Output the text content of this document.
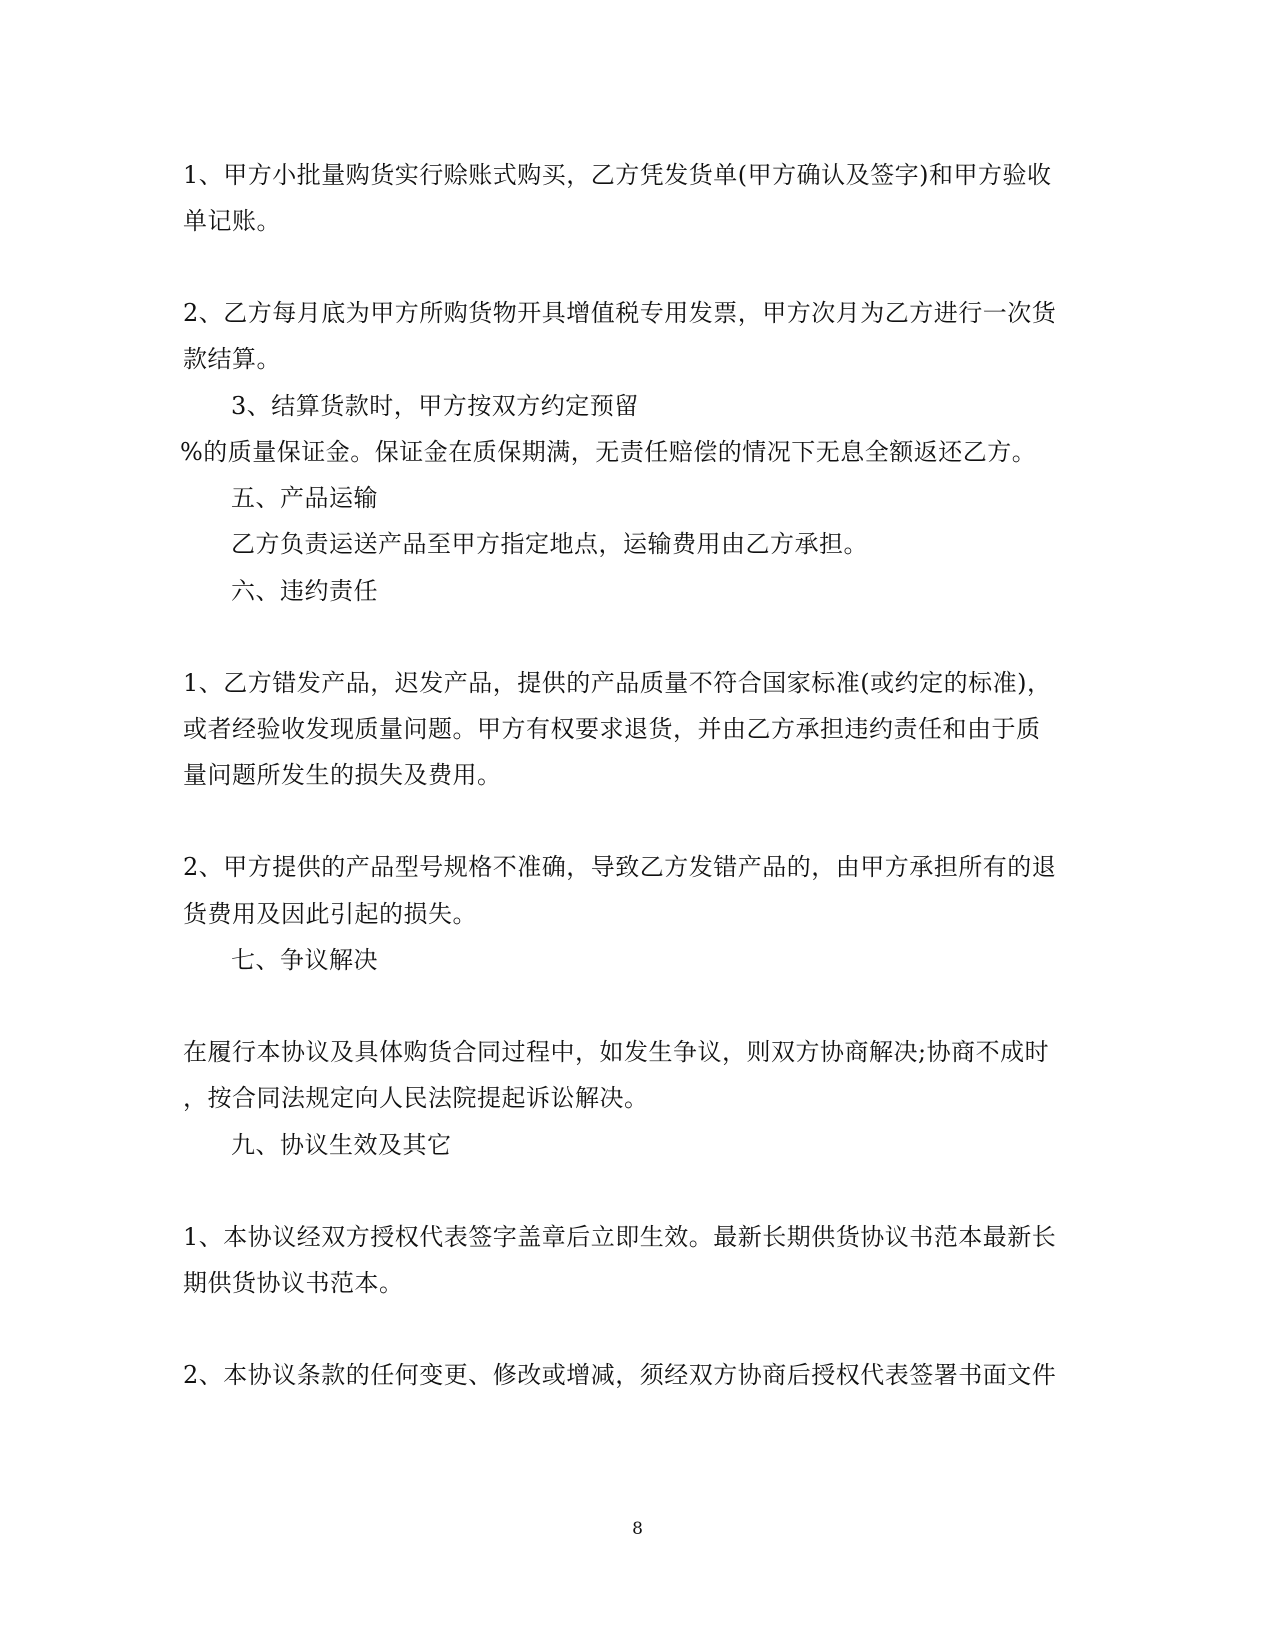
1、甲方小批量购货实行赊账式购买，乙方凭发货单(甲方确认及签字)和甲方验收
单记账。
2、乙方每月底为甲方所购货物开具增值税专用发票，甲方次月为乙方进行一次货
款结算。
3、结算货款时，甲方按双方约定预留
%的质量保证金。保证金在质保期满，无责任赔偿的情况下无息全额返还乙方。
五、产品运输
乙方负责运送产品至甲方指定地点，运输费用由乙方承担。
六、违约责任
1、乙方错发产品，迟发产品，提供的产品质量不符合国家标准(或约定的标准)，
或者经验收发现质量问题。甲方有权要求退货，并由乙方承担违约责任和由于质
量问题所发生的损失及费用。
2、甲方提供的产品型号规格不准确，导致乙方发错产品的，由甲方承担所有的退
货费用及因此引起的损失。
七、争议解决
在履行本协议及具体购货合同过程中，如发生争议，则双方协商解决;协商不成时
，按合同法规定向人民法院提起诉讼解决。
九、协议生效及其它
1、本协议经双方授权代表签字盖章后立即生效。最新长期供货协议书范本最新长
期供货协议书范本。
2、本协议条款的任何变更、修改或增减，须经双方协商后授权代表签署书面文件
8
